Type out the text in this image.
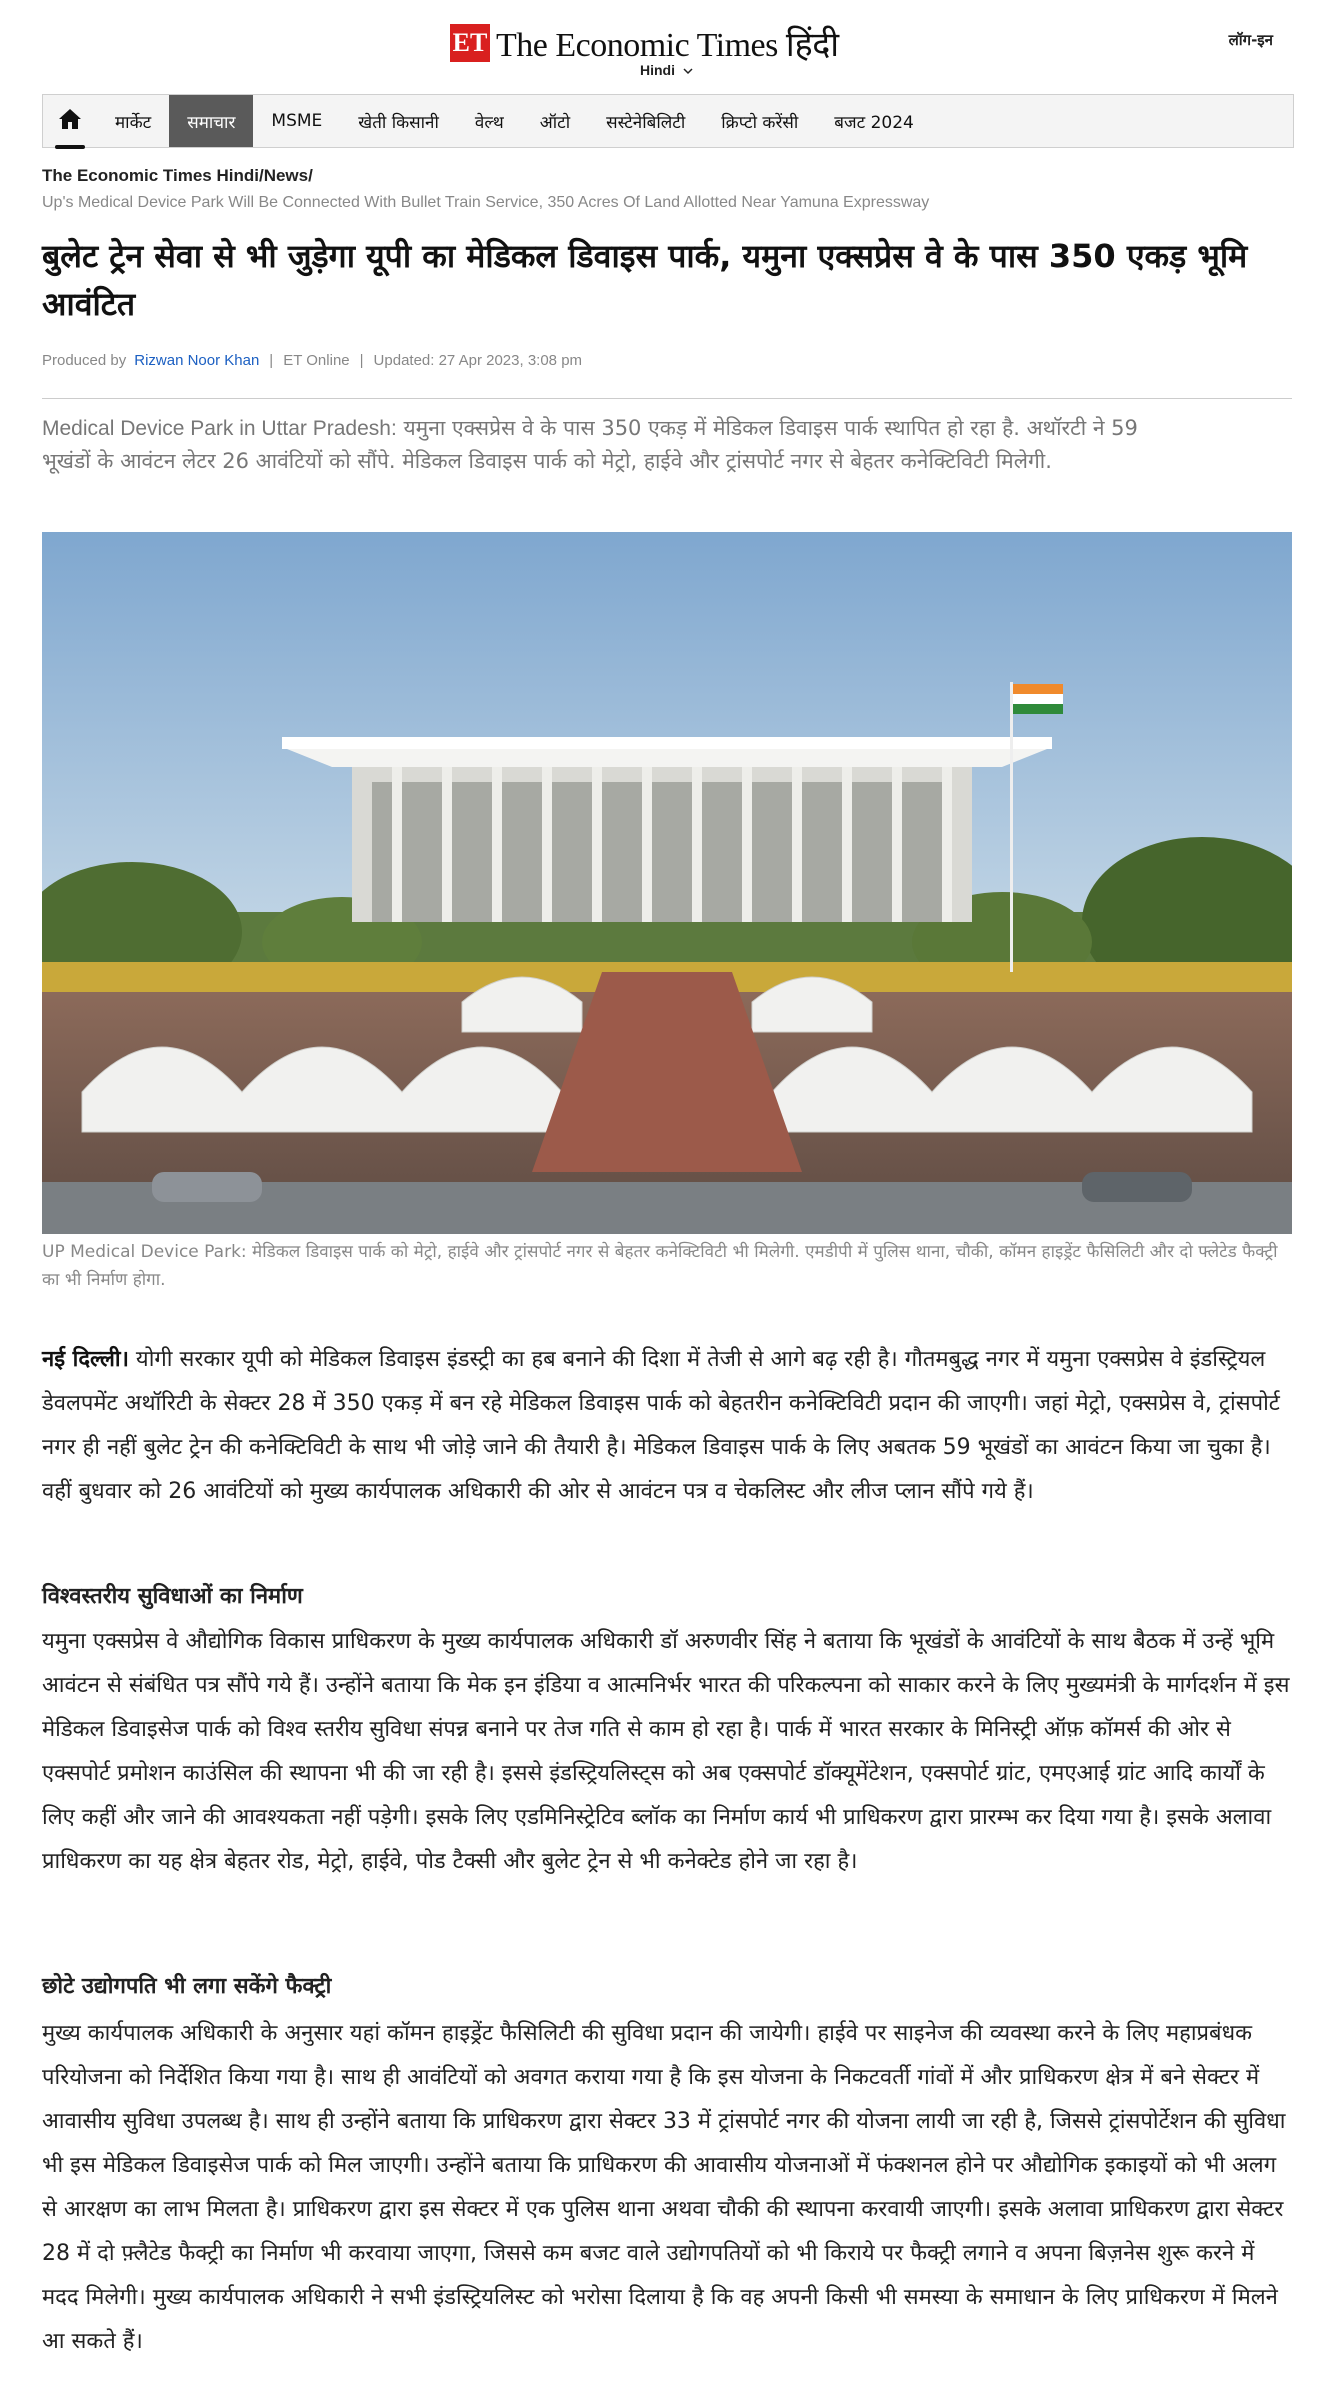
ET The Economic Times हिंदी
Hindi
लॉग-इन
मार्केट	समाचार	MSME	खेती किसानी	वेल्थ	ऑटो	सस्टेनेबिलिटी	क्रिप्टो करेंसी	बजट 2024
The Economic Times Hindi/News/
Up's Medical Device Park Will Be Connected With Bullet Train Service, 350 Acres Of Land Allotted Near Yamuna Expressway
बुलेट ट्रेन सेवा से भी जुड़ेगा यूपी का मेडिकल डिवाइस पार्क, यमुना एक्सप्रेस वे के पास 350 एकड़ भूमि आवंटित
Produced by Rizwan Noor Khan | ET Online | Updated: 27 Apr 2023, 3:08 pm
Medical Device Park in Uttar Pradesh: यमुना एक्सप्रेस वे के पास 350 एकड़ में मेडिकल डिवाइस पार्क स्थापित हो रहा है. अथॉरटी ने 59 भूखंडों के आवंटन लेटर 26 आवंटियों को सौंपे. मेडिकल डिवाइस पार्क को मेट्रो, हाईवे और ट्रांसपोर्ट नगर से बेहतर कनेक्टिविटी मिलेगी.
UP Medical Device Park: मेडिकल डिवाइस पार्क को मेट्रो, हाईवे और ट्रांसपोर्ट नगर से बेहतर कनेक्टिविटी भी मिलेगी. एमडीपी में पुलिस थाना, चौकी, कॉमन हाइड्रेंट फैसिलिटी और दो फ्लेटेड फैक्ट्री का भी निर्माण होगा.
नई दिल्ली। योगी सरकार यूपी को मेडिकल डिवाइस इंडस्ट्री का हब बनाने की दिशा में तेजी से आगे बढ़ रही है। गौतमबुद्ध नगर में यमुना एक्सप्रेस वे इंडस्ट्रियल डेवलपमेंट अथॉरिटी के सेक्टर 28 में 350 एकड़ में बन रहे मेडिकल डिवाइस पार्क को बेहतरीन कनेक्टिविटी प्रदान की जाएगी। जहां मेट्रो, एक्सप्रेस वे, ट्रांसपोर्ट नगर ही नहीं बुलेट ट्रेन की कनेक्टिविटी के साथ भी जोड़े जाने की तैयारी है। मेडिकल डिवाइस पार्क के लिए अबतक 59 भूखंडों का आवंटन किया जा चुका है। वहीं बुधवार को 26 आवंटियों को मुख्य कार्यपालक अधिकारी की ओर से आवंटन पत्र व चेकलिस्ट और लीज प्लान सौंपे गये हैं।
विश्वस्तरीय सुविधाओं का निर्माण
यमुना एक्सप्रेस वे औद्योगिक विकास प्राधिकरण के मुख्य कार्यपालक अधिकारी डॉ अरुणवीर सिंह ने बताया कि भूखंडों के आवंटियों के साथ बैठक में उन्हें भूमि आवंटन से संबंधित पत्र सौंपे गये हैं। उन्होंने बताया कि मेक इन इंडिया व आत्मनिर्भर भारत की परिकल्पना को साकार करने के लिए मुख्यमंत्री के मार्गदर्शन में इस मेडिकल डिवाइसेज पार्क को विश्व स्तरीय सुविधा संपन्न बनाने पर तेज गति से काम हो रहा है। पार्क में भारत सरकार के मिनिस्ट्री ऑफ़ कॉमर्स की ओर से एक्सपोर्ट प्रमोशन काउंसिल की स्थापना भी की जा रही है। इससे इंडस्ट्रियलिस्ट्स को अब एक्सपोर्ट डॉक्यूमेंटेशन, एक्सपोर्ट ग्रांट, एमएआई ग्रांट आदि कार्यों के लिए कहीं और जाने की आवश्यकता नहीं पड़ेगी। इसके लिए एडमिनिस्ट्रेटिव ब्लॉक का निर्माण कार्य भी प्राधिकरण द्वारा प्रारम्भ कर दिया गया है। इसके अलावा प्राधिकरण का यह क्षेत्र बेहतर रोड, मेट्रो, हाईवे, पोड टैक्सी और बुलेट ट्रेन से भी कनेक्टेड होने जा रहा है।
छोटे उद्योगपति भी लगा सकेंगे फैक्ट्री
मुख्य कार्यपालक अधिकारी के अनुसार यहां कॉमन हाइड्रेंट फैसिलिटी की सुविधा प्रदान की जायेगी। हाईवे पर साइनेज की व्यवस्था करने के लिए महाप्रबंधक परियोजना को निर्देशित किया गया है। साथ ही आवंटियों को अवगत कराया गया है कि इस योजना के निकटवर्ती गांवों में और प्राधिकरण क्षेत्र में बने सेक्टर में आवासीय सुविधा उपलब्ध है। साथ ही उन्होंने बताया कि प्राधिकरण द्वारा सेक्टर 33 में ट्रांसपोर्ट नगर की योजना लायी जा रही है, जिससे ट्रांसपोर्टेशन की सुविधा भी इस मेडिकल डिवाइसेज पार्क को मिल जाएगी। उन्होंने बताया कि प्राधिकरण की आवासीय योजनाओं में फंक्शनल होने पर औद्योगिक इकाइयों को भी अलग से आरक्षण का लाभ मिलता है। प्राधिकरण द्वारा इस सेक्टर में एक पुलिस थाना अथवा चौकी की स्थापना करवायी जाएगी। इसके अलावा प्राधिकरण द्वारा सेक्टर 28 में दो फ़्लैटेड फैक्ट्री का निर्माण भी करवाया जाएगा, जिससे कम बजट वाले उद्योगपतियों को भी किराये पर फैक्ट्री लगाने व अपना बिज़नेस शुरू करने में मदद मिलेगी। मुख्य कार्यपालक अधिकारी ने सभी इंडस्ट्रियलिस्ट को भरोसा दिलाया है कि वह अपनी किसी भी समस्या के समाधान के लिए प्राधिकरण में मिलने आ सकते हैं।
